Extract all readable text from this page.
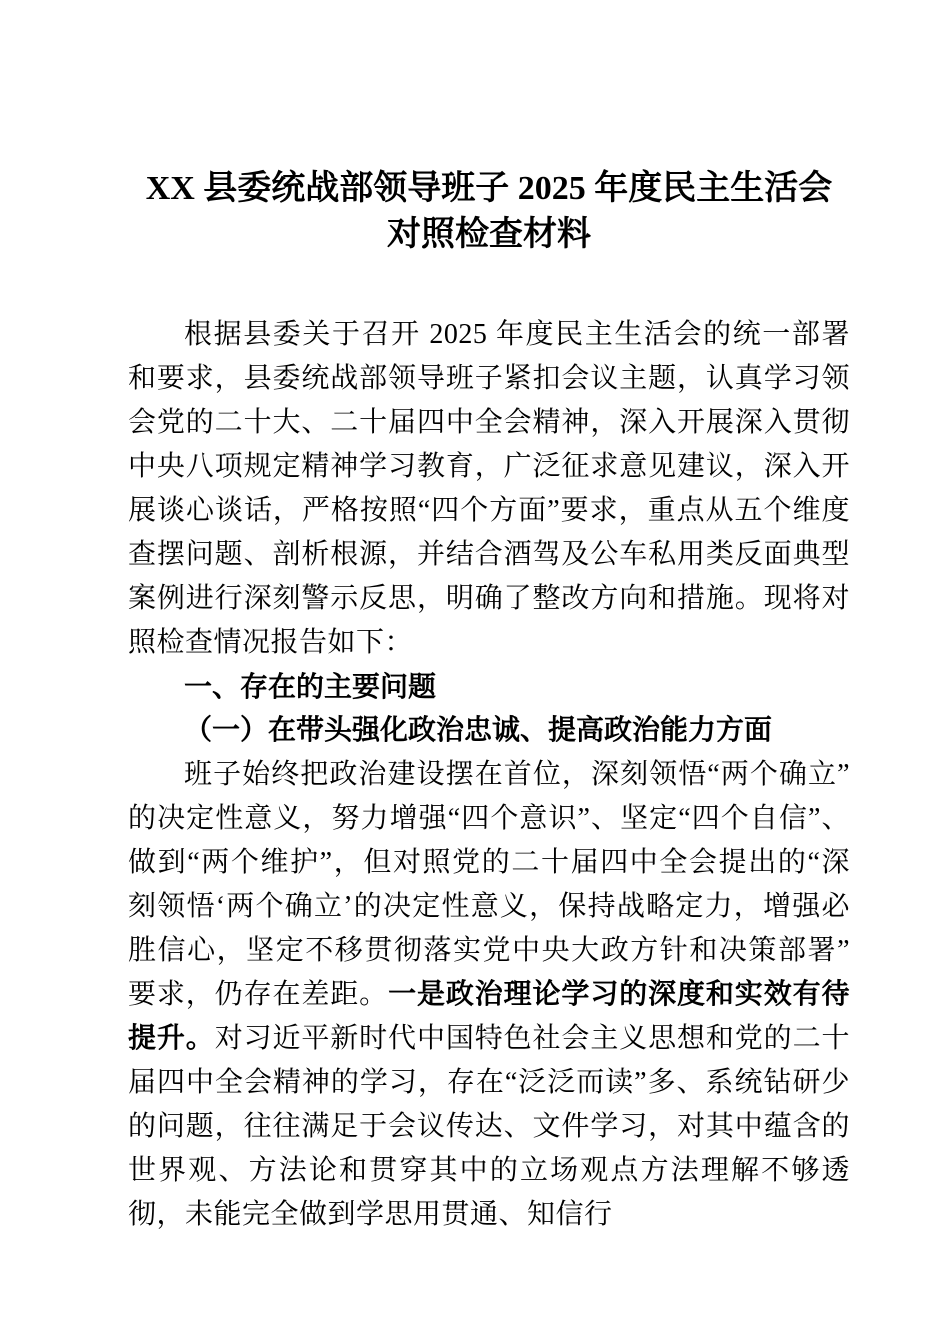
XX 县委统战部领导班子 2025 年度民主生活会
对照检查材料

根据县委关于召开 2025 年度民主生活会的统一部署和要求，县委统战部领导班子紧扣会议主题，认真学习领会党的二十大、二十届四中全会精神，深入开展深入贯彻中央八项规定精神学习教育，广泛征求意见建议，深入开展谈心谈话，严格按照“四个方面”要求，重点从五个维度查摆问题、剖析根源，并结合酒驾及公车私用类反面典型案例进行深刻警示反思，明确了整改方向和措施。现将对照检查情况报告如下：

一、存在的主要问题
（一）在带头强化政治忠诚、提高政治能力方面

班子始终把政治建设摆在首位，深刻领悟“两个确立”的决定性意义，努力增强“四个意识”、坚定“四个自信”、做到“两个维护”，但对照党的二十届四中全会提出的“深刻领悟‘两个确立’的决定性意义，保持战略定力，增强必胜信心，坚定不移贯彻落实党中央大政方针和决策部署”要求，仍存在差距。一是政治理论学习的深度和实效有待提升。对习近平新时代中国特色社会主义思想和党的二十届四中全会精神的学习，存在“泛泛而读”多、系统钻研少的问题，往往满足于会议传达、文件学习，对其中蕴含的世界观、方法论和贯穿其中的立场观点方法理解不够透彻，未能完全做到学思用贯通、知信行
